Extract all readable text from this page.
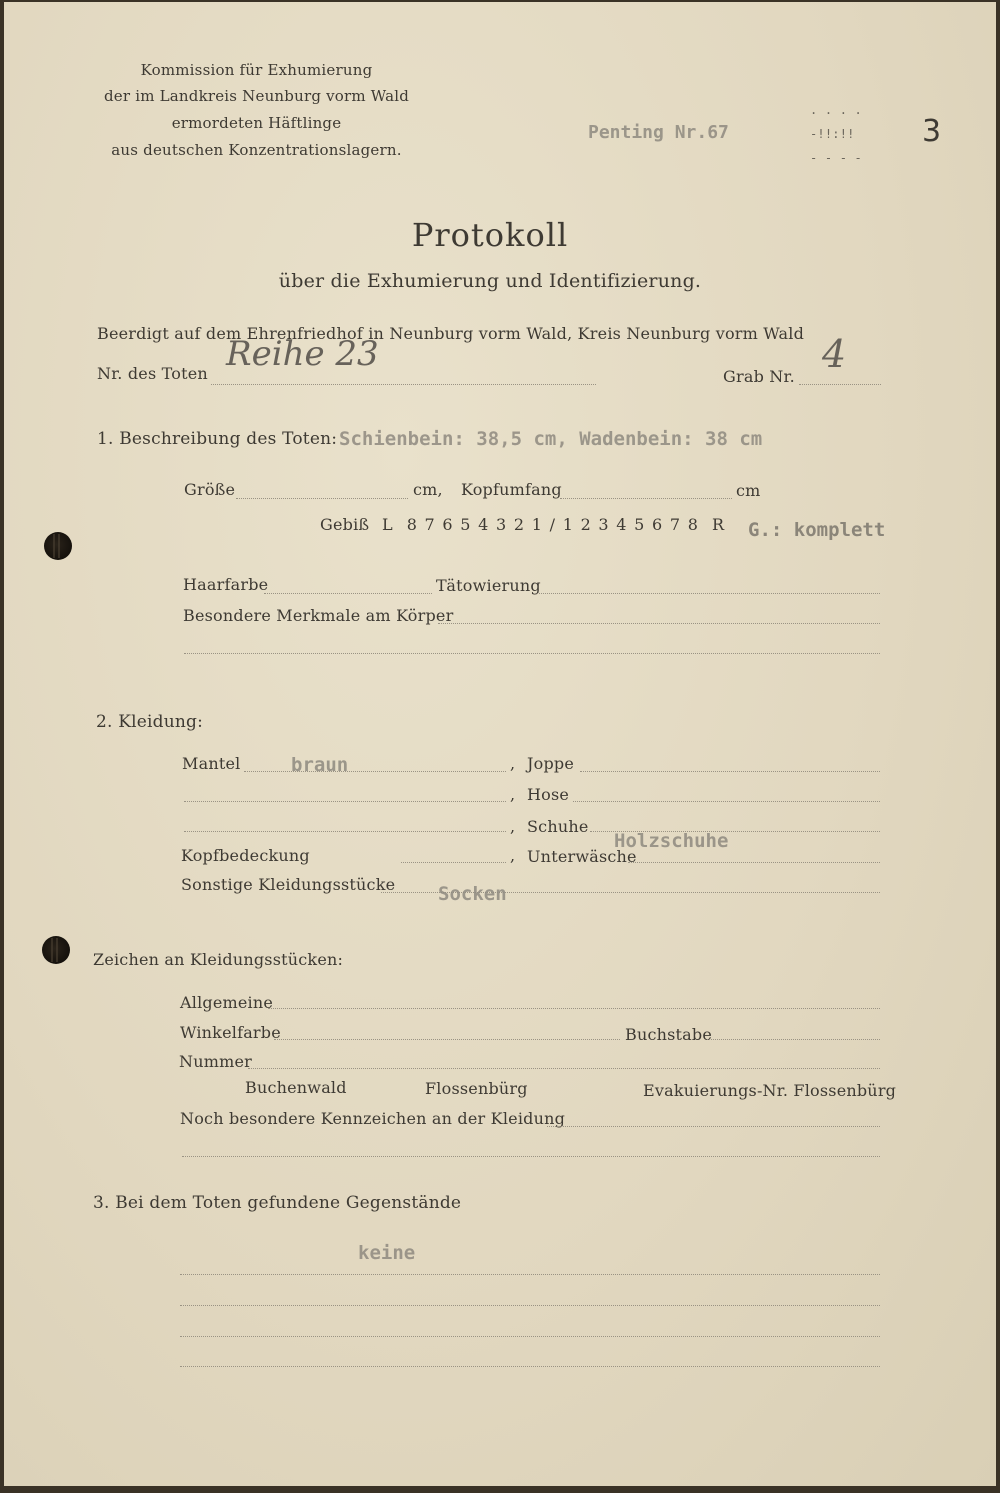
Kommission für Exhumierung
der im Landkreis Neunburg vorm Wald
ermordeten Häftlinge
aus deutschen Konzentrationslagern.
Penting Nr.67
. . . .
-!!:!!
- - - -
3
Protokoll
über die Exhumierung und Identifizierung.
Beerdigt auf dem Ehrenfriedhof in Neunburg vorm Wald, Kreis Neunburg vorm Wald
Nr. des Toten Reihe 23
Grab Nr.
4
1. Beschreibung des Toten: Schienbein: 38,5 cm, Wadenbein: 38 cm
Größe	cm, Kopfumfang	cm
Gebiß L  8 7 6 5 4 3 2 1 / 1 2 3 4 5 6 7 8  R G.: komplett
Haarfarbe	Tätowierung
Besondere Merkmale am Körper
2. Kleidung:
Mantel	braun	, Joppe
, Hose
, Schuhe
Holzschuhe
Kopfbedeckung	, Unterwäsche
Sonstige Kleidungsstücke Socken
Zeichen an Kleidungsstücken:
Allgemeine
Winkelfarbe	Buchstabe
Nummer
Buchenwald	Flossenbürg	Evakuierungs-Nr. Flossenbürg
Noch besondere Kennzeichen an der Kleidung
3. Bei dem Toten gefundene Gegenstände
keine
